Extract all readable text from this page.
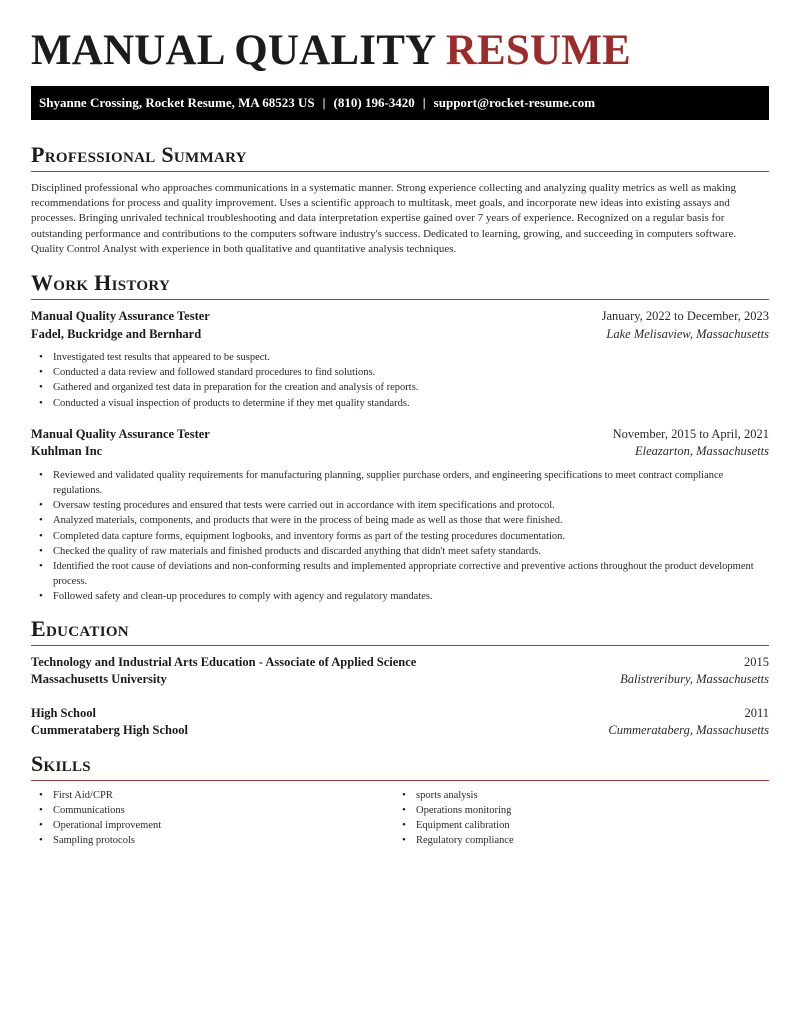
MANUAL QUALITY RESUME
Shyanne Crossing, Rocket Resume, MA 68523 US | (810) 196-3420 | support@rocket-resume.com
Professional Summary

Disciplined professional who approaches communications in a systematic manner. Strong experience collecting and analyzing quality metrics as well as making recommendations for process and quality improvement. Uses a scientific approach to multitask, meet goals, and incorporate new ideas into existing assays and processes. Bringing unrivaled technical troubleshooting and data interpretation expertise gained over 7 years of experience. Recognized on a regular basis for outstanding performance and contributions to the computers software industry's success. Dedicated to learning, growing, and succeeding in computers software. Quality Control Analyst with experience in both qualitative and quantitative analysis techniques.

Work History
Manual Quality Assurance Tester	January, 2022 to December, 2023
Fadel, Buckridge and Bernhard	Lake Melisaview, Massachusetts
• Investigated test results that appeared to be suspect.
• Conducted a data review and followed standard procedures to find solutions.
• Gathered and organized test data in preparation for the creation and analysis of reports.
• Conducted a visual inspection of products to determine if they met quality standards.
Manual Quality Assurance Tester	November, 2015 to April, 2021
Kuhlman Inc	Eleazarton, Massachusetts
• Reviewed and validated quality requirements for manufacturing planning, supplier purchase orders, and engineering specifications to meet contract compliance regulations.
• Oversaw testing procedures and ensured that tests were carried out in accordance with item specifications and protocol.
• Analyzed materials, components, and products that were in the process of being made as well as those that were finished.
• Completed data capture forms, equipment logbooks, and inventory forms as part of the testing procedures documentation.
• Checked the quality of raw materials and finished products and discarded anything that didn't meet safety standards.
• Identified the root cause of deviations and non-conforming results and implemented appropriate corrective and preventive actions throughout the product development process.
• Followed safety and clean-up procedures to comply with agency and regulatory mandates.
Education
Technology and Industrial Arts Education - Associate of Applied Science	2015
Massachusetts University	Balistreribury, Massachusetts
High School	2011
Cummerataberg High School	Cummerataberg, Massachusetts
Skills
• First Aid/CPR
• Communications
• Operational improvement
• Sampling protocols
• sports analysis
• Operations monitoring
• Equipment calibration
• Regulatory compliance
